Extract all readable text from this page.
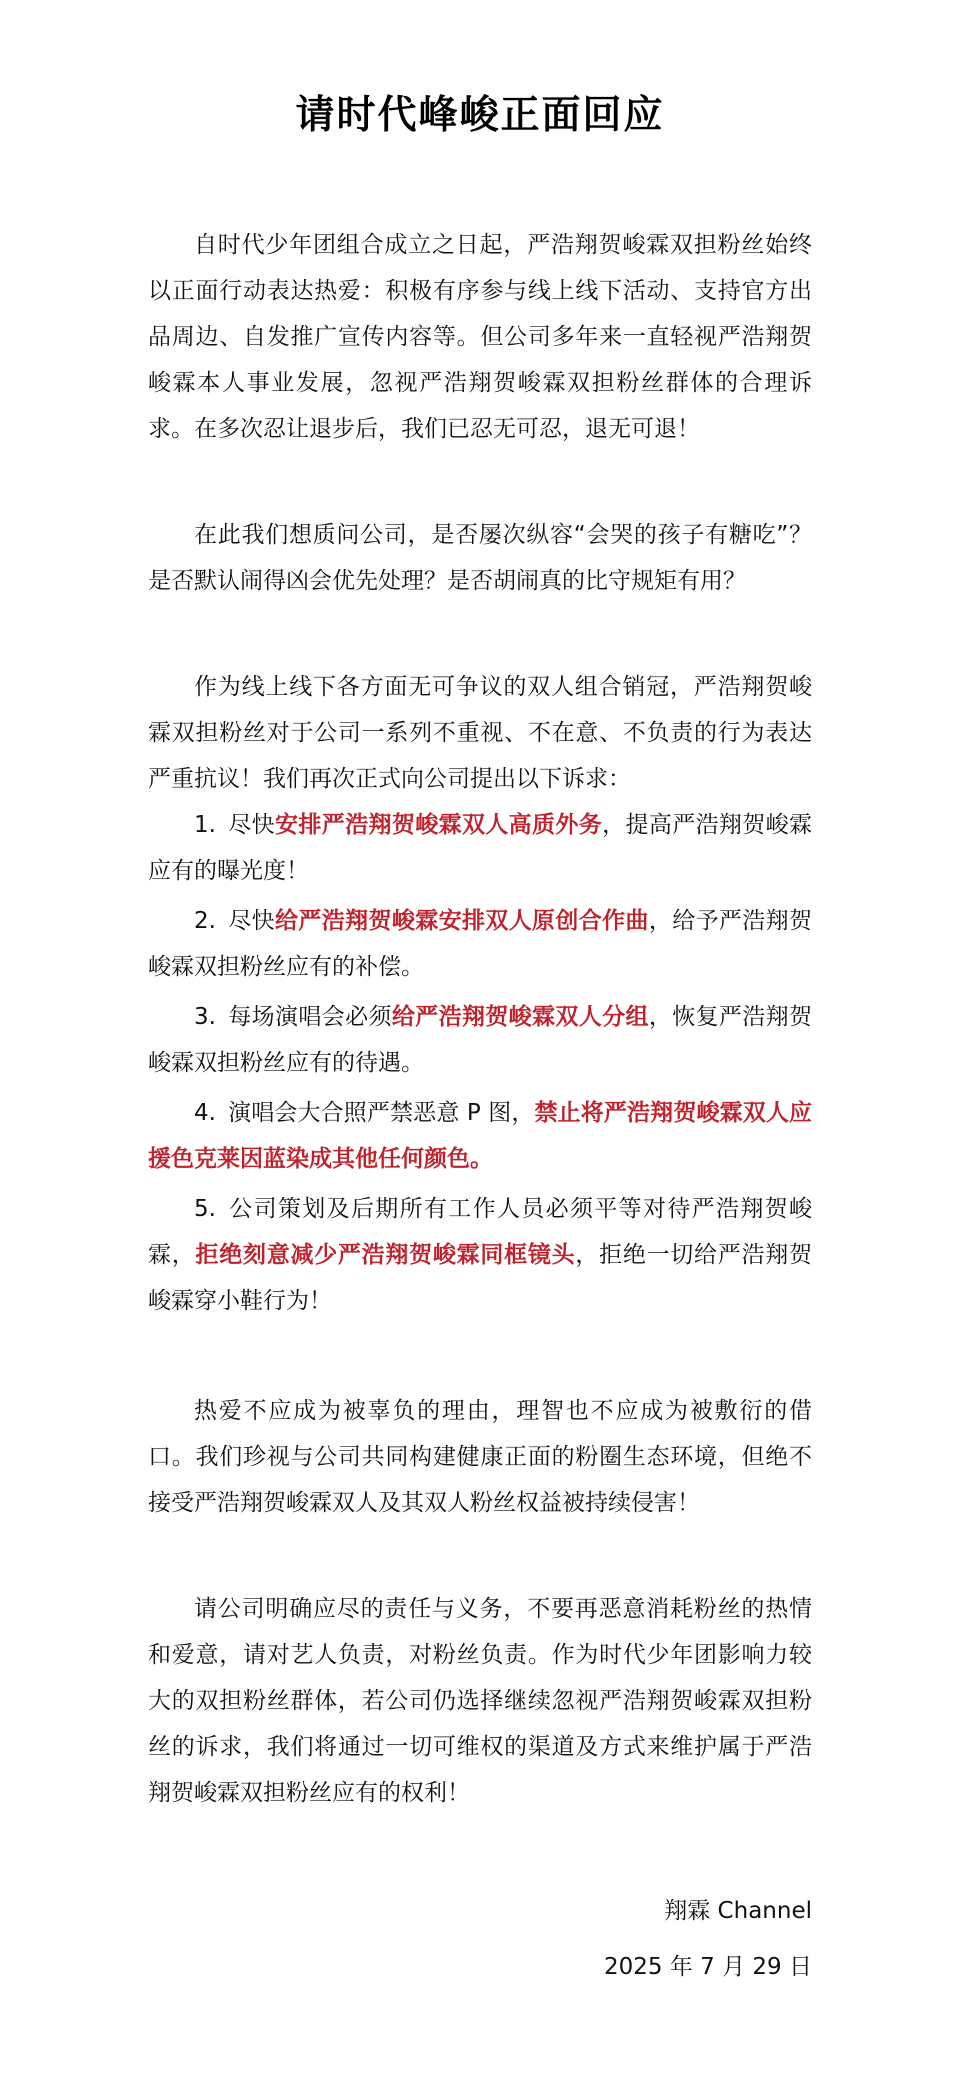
请时代峰峻正面回应

自时代少年团组合成立之日起，严浩翔贺峻霖双担粉丝始终以正面行动表达热爱：积极有序参与线上线下活动、支持官方出品周边、自发推广宣传内容等。但公司多年来一直轻视严浩翔贺峻霖本人事业发展，忽视严浩翔贺峻霖双担粉丝群体的合理诉求。在多次忍让退步后，我们已忍无可忍，退无可退！

在此我们想质问公司，是否屡次纵容“会哭的孩子有糖吃”？是否默认闹得凶会优先处理？是否胡闹真的比守规矩有用？

作为线上线下各方面无可争议的双人组合销冠，严浩翔贺峻霖双担粉丝对于公司一系列不重视、不在意、不负责的行为表达严重抗议！我们再次正式向公司提出以下诉求：

1. 尽快安排严浩翔贺峻霖双人高质外务，提高严浩翔贺峻霖应有的曝光度！

2. 尽快给严浩翔贺峻霖安排双人原创合作曲，给予严浩翔贺峻霖双担粉丝应有的补偿。

3. 每场演唱会必须给严浩翔贺峻霖双人分组，恢复严浩翔贺峻霖双担粉丝应有的待遇。

4. 演唱会大合照严禁恶意 P 图，禁止将严浩翔贺峻霖双人应援色克莱因蓝染成其他任何颜色。

5. 公司策划及后期所有工作人员必须平等对待严浩翔贺峻霖，拒绝刻意减少严浩翔贺峻霖同框镜头，拒绝一切给严浩翔贺峻霖穿小鞋行为！

热爱不应成为被辜负的理由，理智也不应成为被敷衍的借口。我们珍视与公司共同构建健康正面的粉圈生态环境，但绝不接受严浩翔贺峻霖双人及其双人粉丝权益被持续侵害！

请公司明确应尽的责任与义务，不要再恶意消耗粉丝的热情和爱意，请对艺人负责，对粉丝负责。作为时代少年团影响力较大的双担粉丝群体，若公司仍选择继续忽视严浩翔贺峻霖双担粉丝的诉求，我们将通过一切可维权的渠道及方式来维护属于严浩翔贺峻霖双担粉丝应有的权利！

翔霖 Channel
2025 年 7 月 29 日
